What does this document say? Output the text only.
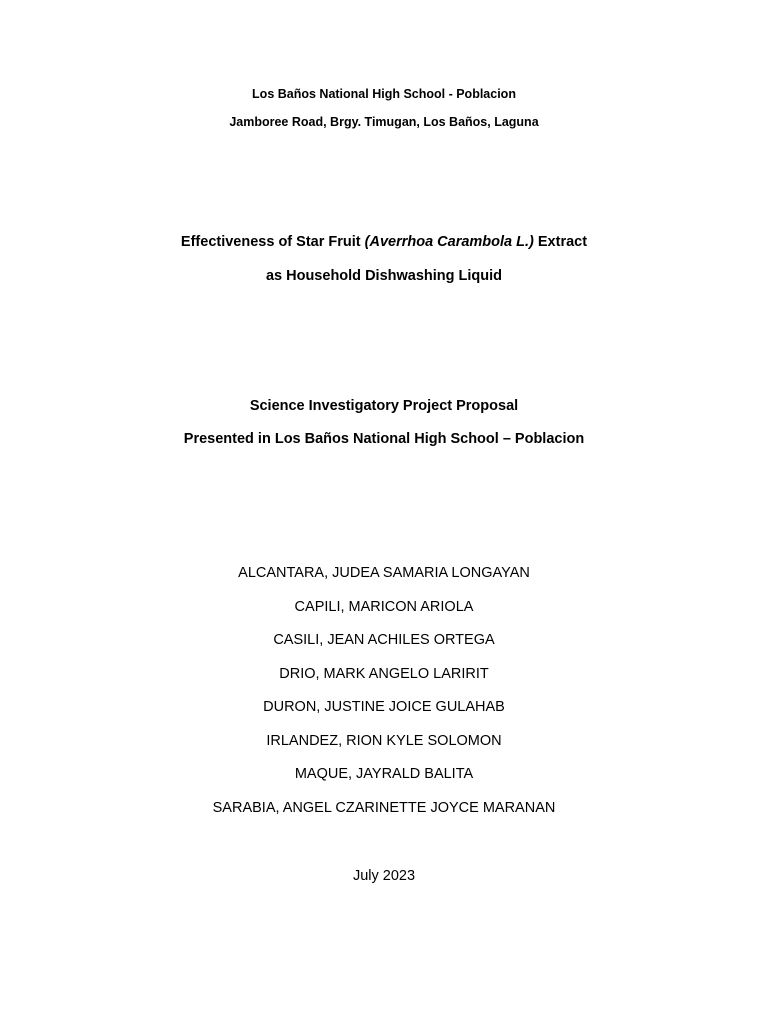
Los Baños National High School - Poblacion
Jamboree Road, Brgy. Timugan, Los Baños, Laguna
Effectiveness of Star Fruit (Averrhoa Carambola L.) Extract
as Household Dishwashing Liquid
Science Investigatory Project Proposal
Presented in Los Baños National High School – Poblacion
ALCANTARA, JUDEA SAMARIA LONGAYAN
CAPILI, MARICON ARIOLA
CASILI, JEAN ACHILES ORTEGA
DRIO, MARK ANGELO LARIRIT
DURON, JUSTINE JOICE GULAHAB
IRLANDEZ, RION KYLE SOLOMON
MAQUE, JAYRALD BALITA
SARABIA, ANGEL CZARINETTE JOYCE MARANAN
July 2023
